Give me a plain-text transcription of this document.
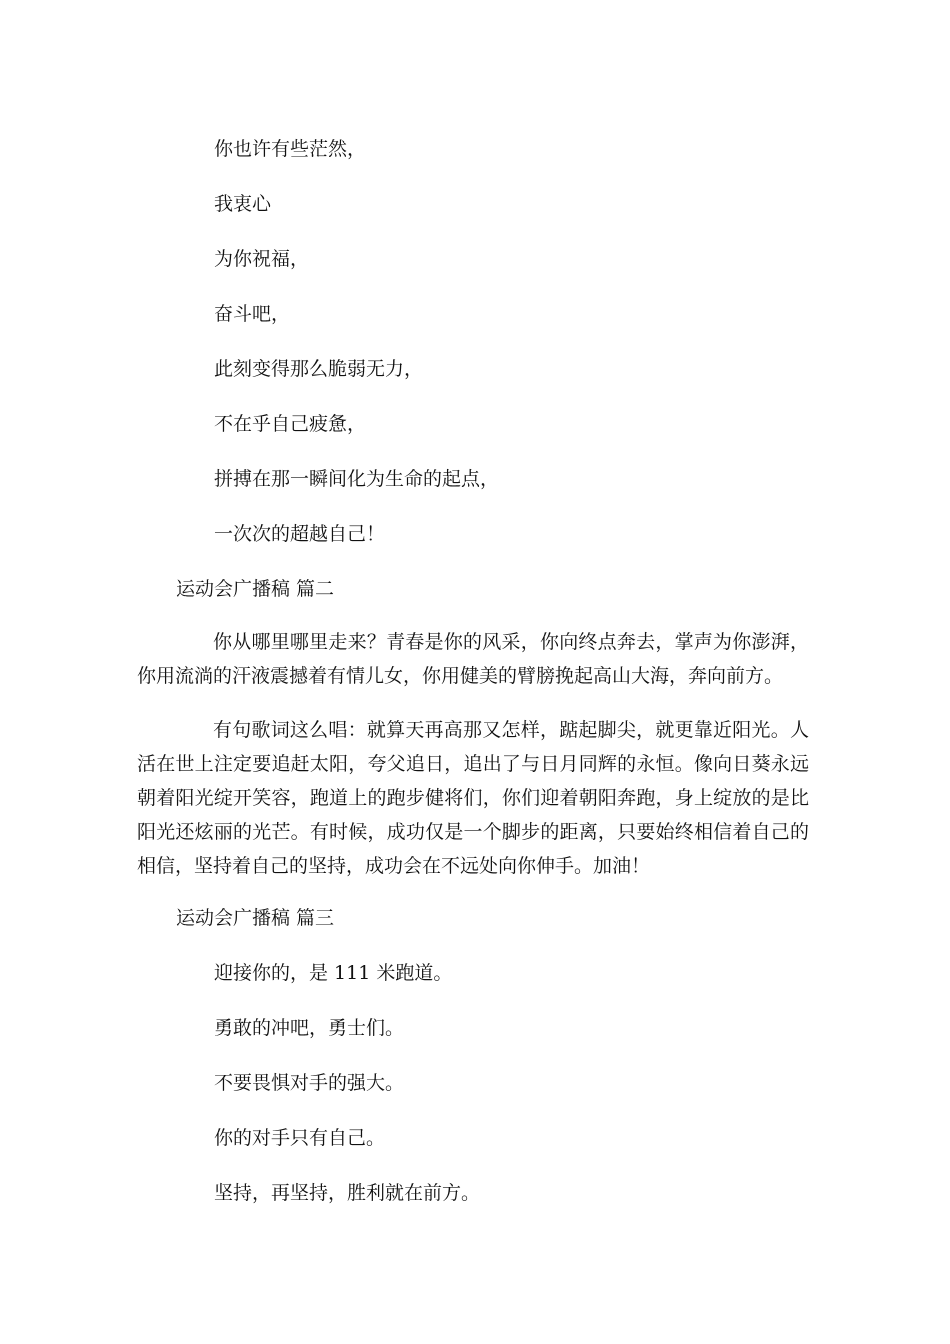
你也许有些茫然，

我衷心

为你祝福，

奋斗吧，

此刻变得那么脆弱无力，

不在乎自己疲惫，

拼搏在那一瞬间化为生命的起点，

一次次的超越自己！

运动会广播稿 篇二

你从哪里哪里走来？青春是你的风采，你向终点奔去，掌声为你澎湃，你用流淌的汗液震撼着有情儿女，你用健美的臂膀挽起高山大海，奔向前方。

有句歌词这么唱：就算天再高那又怎样，踮起脚尖，就更靠近阳光。人活在世上注定要追赶太阳，夸父追日，追出了与日月同辉的永恒。像向日葵永远朝着阳光绽开笑容，跑道上的跑步健将们，你们迎着朝阳奔跑，身上绽放的是比阳光还炫丽的光芒。有时候，成功仅是一个脚步的距离，只要始终相信着自己的相信，坚持着自己的坚持，成功会在不远处向你伸手。加油！

运动会广播稿 篇三

迎接你的，是 111 米跑道。

勇敢的冲吧，勇士们。

不要畏惧对手的强大。

你的对手只有自己。

坚持，再坚持，胜利就在前方。
